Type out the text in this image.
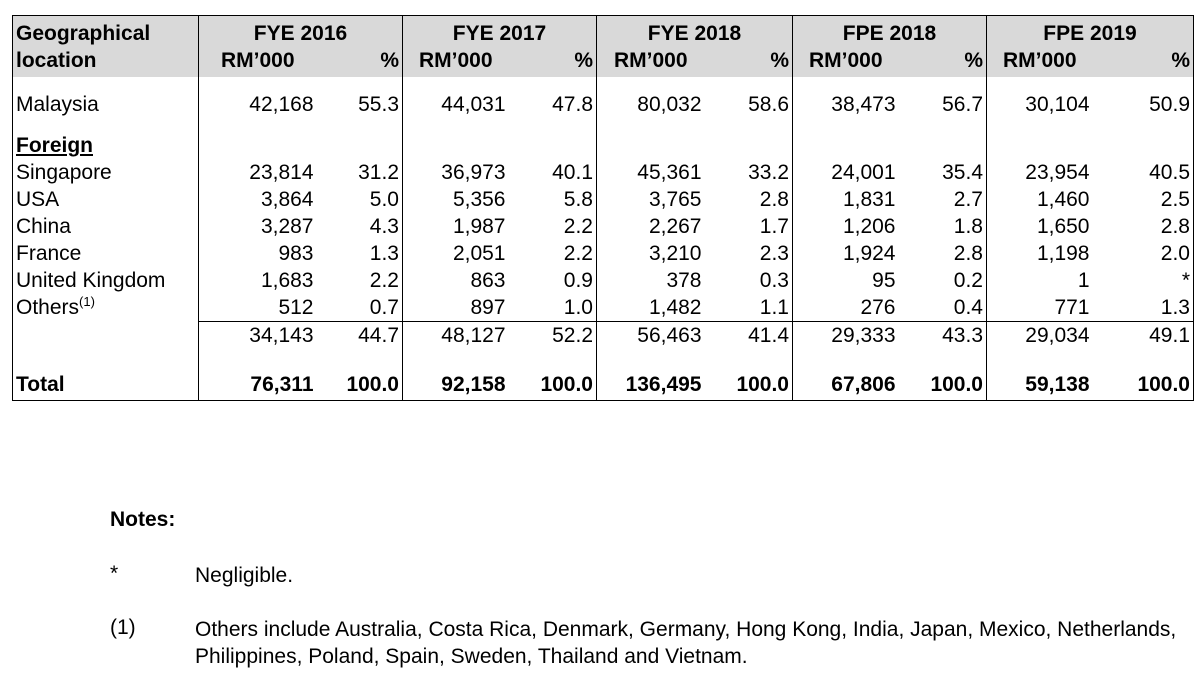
Geographical	FYE 2016		FYE 2017		FYE 2018		FPE 2018		FPE 2019	
location	RM’000	%	RM’000	%	RM’000	%	RM’000	%	RM’000	%

Malaysia	42,168	55.3	44,031	47.8	80,032	58.6	38,473	56.7	30,104	50.9

Foreign										
Singapore	23,814	31.2	36,973	40.1	45,361	33.2	24,001	35.4	23,954	40.5
USA	3,864	5.0	5,356	5.8	3,765	2.8	1,831	2.7	1,460	2.5
China	3,287	4.3	1,987	2.2	2,267	1.7	1,206	1.8	1,650	2.8
France	983	1.3	2,051	2.2	3,210	2.3	1,924	2.8	1,198	2.0
United Kingdom	1,683	2.2	863	0.9	378	0.3	95	0.2	1	*
Others$^{(1)}$	512	0.7	897	1.0	1,482	1.1	276	0.4	771	1.3
	34,143	44.7	48,127	52.2	56,463	41.4	29,333	43.3	29,034	49.1

Total	76,311	100.0	92,158	100.0	136,495	100.0	67,806	100.0	59,138	100.0
Notes:
*	Negligible.
(1)	Others include Australia, Costa Rica, Denmark, Germany, Hong Kong, India, Japan, Mexico, Netherlands, Philippines, Poland, Spain, Sweden, Thailand and Vietnam.
